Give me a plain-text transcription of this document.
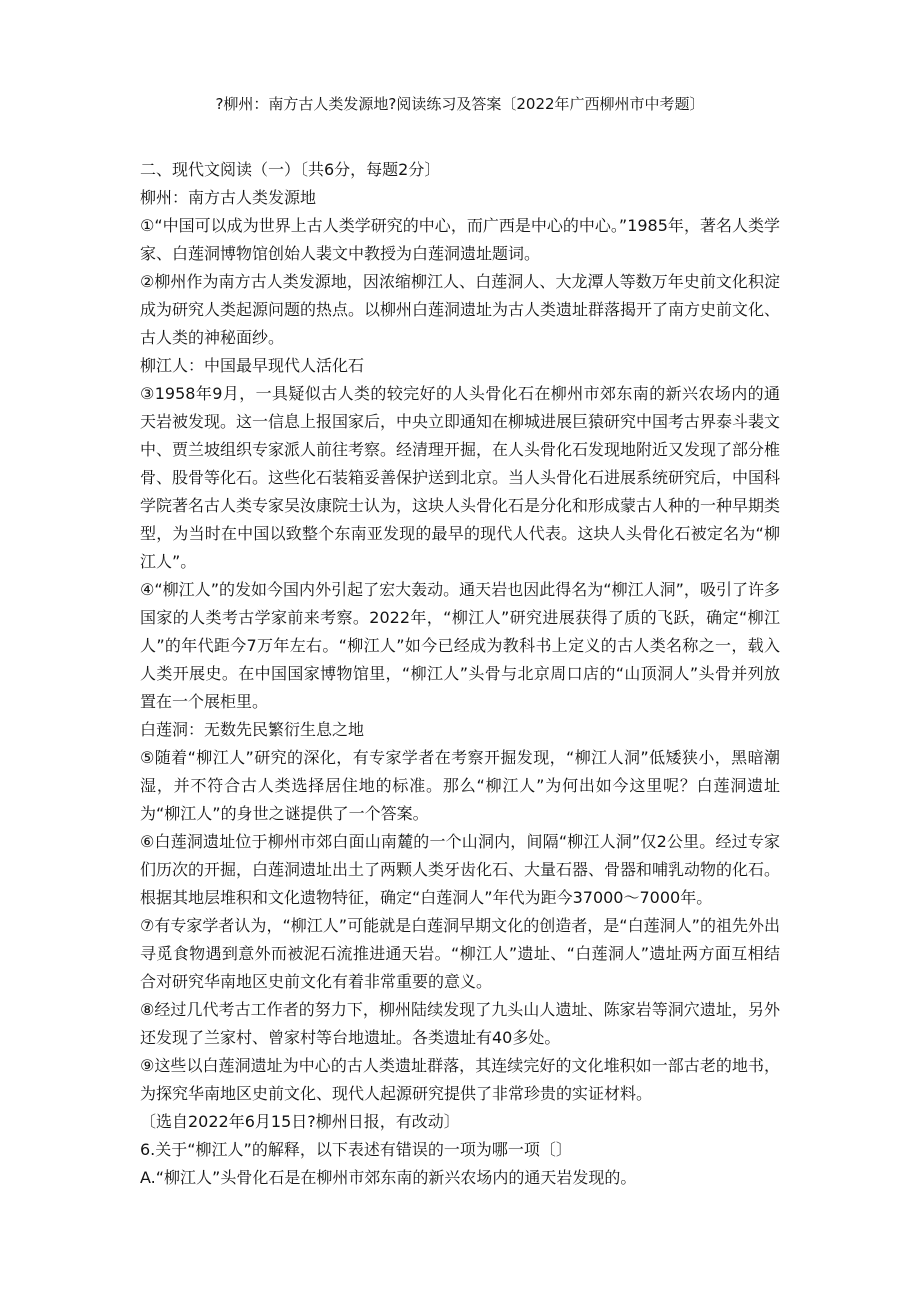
?柳州：南方古人类发源地?阅读练习及答案〔2022年广西柳州市中考题〕

二、现代文阅读（一）〔共6分，每题2分〕

柳州：南方古人类发源地

①“中国可以成为世界上古人类学研究的中心，而广西是中心的中心。”1985年，著名人类学家、白莲洞博物馆创始人裴文中教授为白莲洞遗址题词。

②柳州作为南方古人类发源地，因浓缩柳江人、白莲洞人、大龙潭人等数万年史前文化积淀成为研究人类起源问题的热点。以柳州白莲洞遗址为古人类遗址群落揭开了南方史前文化、古人类的神秘面纱。

柳江人：中国最早现代人活化石

③1958年9月，一具疑似古人类的较完好的人头骨化石在柳州市郊东南的新兴农场内的通天岩被发现。这一信息上报国家后，中央立即通知在柳城进展巨猿研究中国考古界泰斗裴文中、贾兰坡组织专家派人前往考察。经清理开掘，在人头骨化石发现地附近又发现了部分椎骨、股骨等化石。这些化石装箱妥善保护送到北京。当人头骨化石进展系统研究后，中国科学院著名古人类专家吴汝康院士认为，这块人头骨化石是分化和形成蒙古人种的一种早期类型，为当时在中国以致整个东南亚发现的最早的现代人代表。这块人头骨化石被定名为“柳江人”。

④“柳江人”的发如今国内外引起了宏大轰动。通天岩也因此得名为“柳江人洞”，吸引了许多国家的人类考古学家前来考察。2022年，“柳江人”研究进展获得了质的飞跃，确定“柳江人”的年代距今7万年左右。“柳江人”如今已经成为教科书上定义的古人类名称之一，载入人类开展史。在中国国家博物馆里，“柳江人”头骨与北京周口店的“山顶洞人”头骨并列放置在一个展柜里。

白莲洞：无数先民繁衍生息之地

⑤随着“柳江人”研究的深化，有专家学者在考察开掘发现，“柳江人洞”低矮狭小，黑暗潮湿，并不符合古人类选择居住地的标准。那么“柳江人”为何出如今这里呢？白莲洞遗址为“柳江人”的身世之谜提供了一个答案。

⑥白莲洞遗址位于柳州市郊白面山南麓的一个山洞内，间隔“柳江人洞”仅2公里。经过专家们历次的开掘，白莲洞遗址出土了两颗人类牙齿化石、大量石器、骨器和哺乳动物的化石。根据其地层堆积和文化遗物特征，确定“白莲洞人”年代为距今37000～7000年。

⑦有专家学者认为，“柳江人”可能就是白莲洞早期文化的创造者，是“白莲洞人”的祖先外出寻觅食物遇到意外而被泥石流推进通天岩。“柳江人”遗址、“白莲洞人”遗址两方面互相结合对研究华南地区史前文化有着非常重要的意义。

⑧经过几代考古工作者的努力下，柳州陆续发现了九头山人遗址、陈家岩等洞穴遗址，另外还发现了兰家村、曾家村等台地遗址。各类遗址有40多处。

⑨这些以白莲洞遗址为中心的古人类遗址群落，其连续完好的文化堆积如一部古老的地书，为探究华南地区史前文化、现代人起源研究提供了非常珍贵的实证材料。

〔选自2022年6月15日?柳州日报，有改动〕

6.关于“柳江人”的解释，以下表述有错误的一项为哪一项〔〕

A.“柳江人”头骨化石是在柳州市郊东南的新兴农场内的通天岩发现的。
